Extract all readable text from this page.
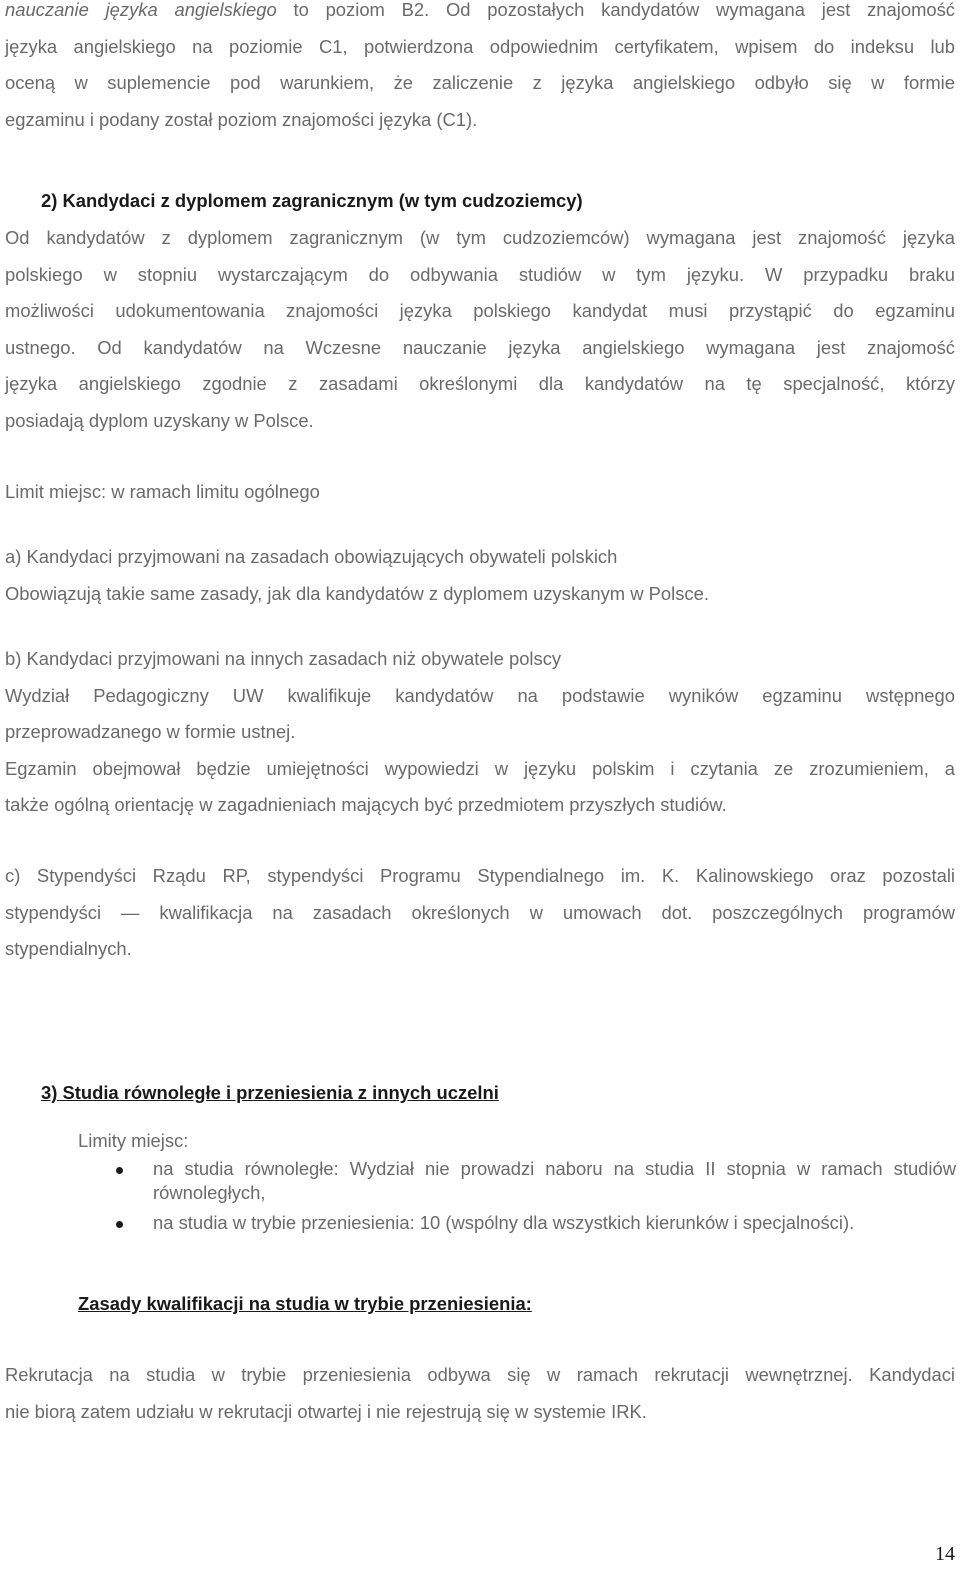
nauczanie języka angielskiego to poziom B2. Od pozostałych kandydatów wymagana jest znajomość
języka angielskiego na poziomie C1, potwierdzona odpowiednim certyfikatem, wpisem do indeksu lub
oceną w suplemencie pod warunkiem, że zaliczenie z języka angielskiego odbyło się w formie
egzaminu i podany został poziom znajomości języka (C1).
2) Kandydaci z dyplomem zagranicznym (w tym cudzoziemcy)
Od kandydatów z dyplomem zagranicznym (w tym cudzoziemców) wymagana jest znajomość języka
polskiego w stopniu wystarczającym do odbywania studiów w tym języku. W przypadku braku
możliwości udokumentowania znajomości języka polskiego kandydat musi przystąpić do egzaminu
ustnego. Od kandydatów na Wczesne nauczanie języka angielskiego wymagana jest znajomość
języka angielskiego zgodnie z zasadami określonymi dla kandydatów na tę specjalność, którzy
posiadają dyplom uzyskany w Polsce.
Limit miejsc: w ramach limitu ogólnego
a) Kandydaci przyjmowani na zasadach obowiązujących obywateli polskich
Obowiązują takie same zasady, jak dla kandydatów z dyplomem uzyskanym w Polsce.
b) Kandydaci przyjmowani na innych zasadach niż obywatele polscy
Wydział Pedagogiczny UW kwalifikuje kandydatów na podstawie wyników egzaminu wstępnego
przeprowadzanego w formie ustnej.
Egzamin obejmował będzie umiejętności wypowiedzi w języku polskim i czytania ze zrozumieniem, a
także ogólną orientację w zagadnieniach mających być przedmiotem przyszłych studiów.
c) Stypendyści Rządu RP, stypendyści Programu Stypendialnego im. K. Kalinowskiego oraz pozostali
stypendyści — kwalifikacja na zasadach określonych w umowach dot. poszczególnych programów
stypendialnych.
3) Studia równoległe i przeniesienia z innych uczelni
Limity miejsc:
na studia równoległe: Wydział nie prowadzi naboru na studia II stopnia w ramach studiów równoległych,
na studia w trybie przeniesienia: 10 (wspólny dla wszystkich kierunków i specjalności).
Zasady kwalifikacji na studia w trybie przeniesienia:
Rekrutacja na studia w trybie przeniesienia odbywa się w ramach rekrutacji wewnętrznej. Kandydaci
nie biorą zatem udziału w rekrutacji otwartej i nie rejestrują się w systemie IRK.
14
